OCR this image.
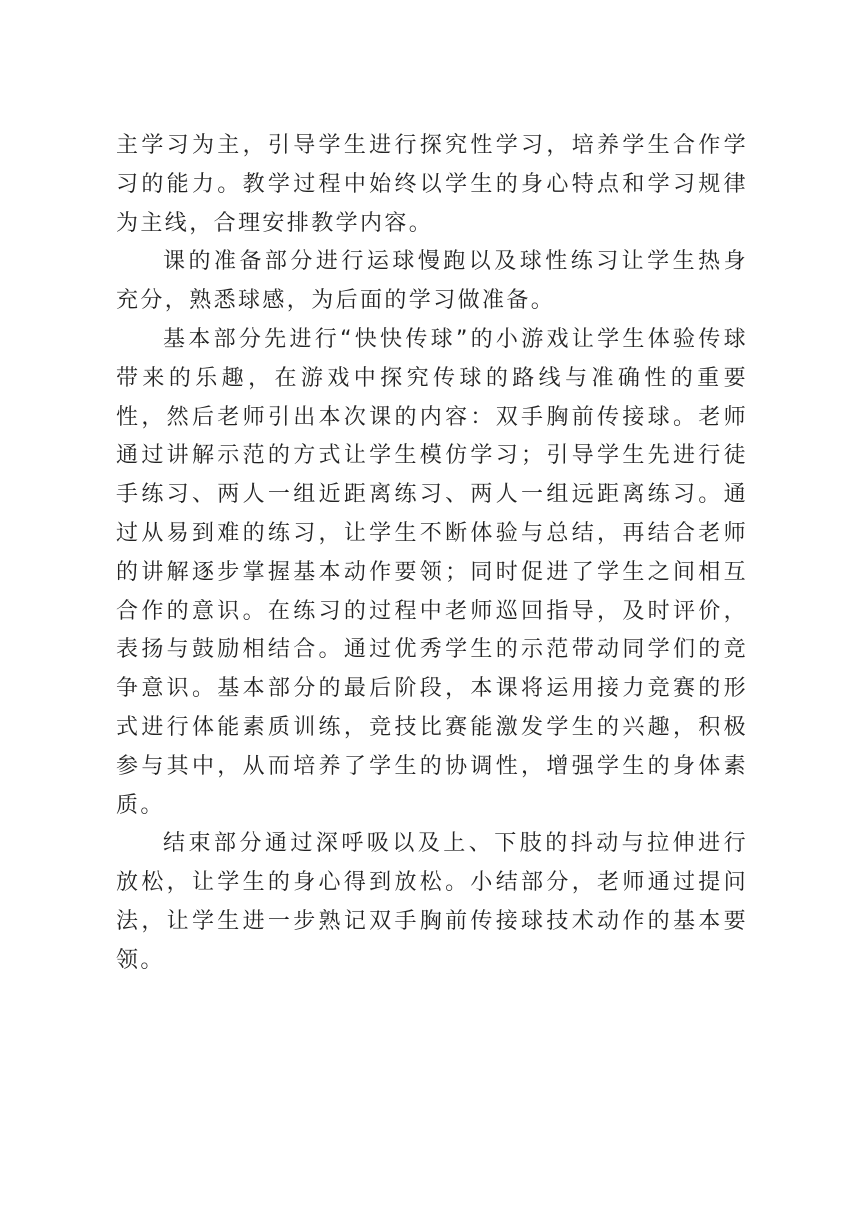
主学习为主，引导学生进行探究性学习，培养学生合作学习的能力。教学过程中始终以学生的身心特点和学习规律为主线，合理安排教学内容。

课的准备部分进行运球慢跑以及球性练习让学生热身充分，熟悉球感，为后面的学习做准备。

基本部分先进行“快快传球”的小游戏让学生体验传球带来的乐趣，在游戏中探究传球的路线与准确性的重要性，然后老师引出本次课的内容：双手胸前传接球。老师通过讲解示范的方式让学生模仿学习；引导学生先进行徒手练习、两人一组近距离练习、两人一组远距离练习。通过从易到难的练习，让学生不断体验与总结，再结合老师的讲解逐步掌握基本动作要领；同时促进了学生之间相互合作的意识。在练习的过程中老师巡回指导，及时评价，表扬与鼓励相结合。通过优秀学生的示范带动同学们的竞争意识。基本部分的最后阶段，本课将运用接力竞赛的形式进行体能素质训练，竞技比赛能激发学生的兴趣，积极参与其中，从而培养了学生的协调性，增强学生的身体素质。

结束部分通过深呼吸以及上、下肢的抖动与拉伸进行放松，让学生的身心得到放松。小结部分，老师通过提问法，让学生进一步熟记双手胸前传接球技术动作的基本要领。
